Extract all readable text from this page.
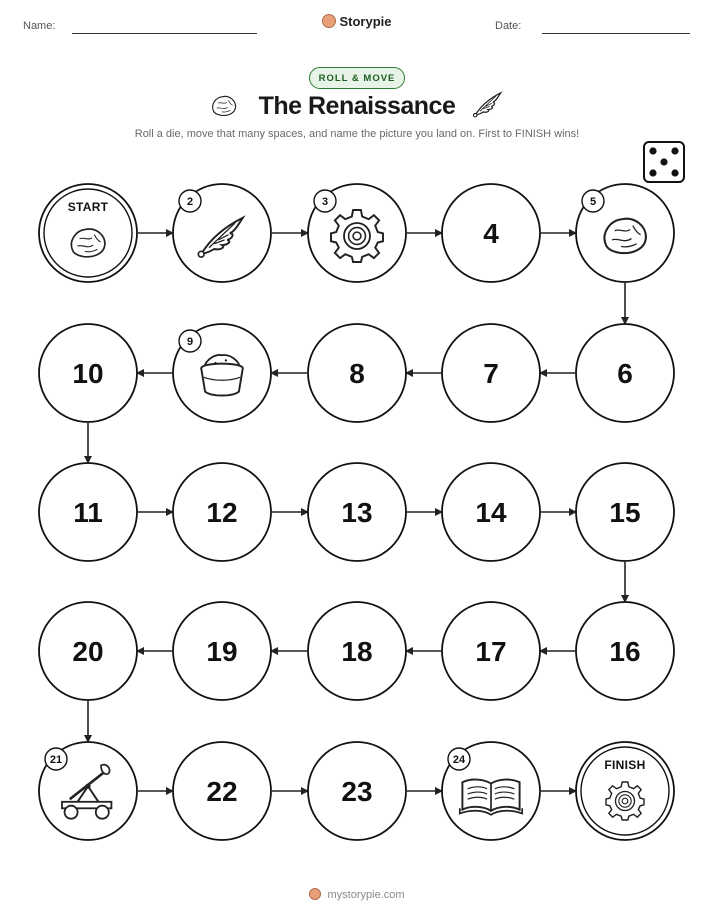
Name:	Storypie	Date:
ROLL & MOVE
The Renaissance
Roll a die, move that many spaces, and name the picture you land on. First to FINISH wins!
mystorypie.com
START	2	3
4
5
6
7
8
9
10
11	12	13	14	15
16
17
18
19
20
21
22	23
24	FINISH
